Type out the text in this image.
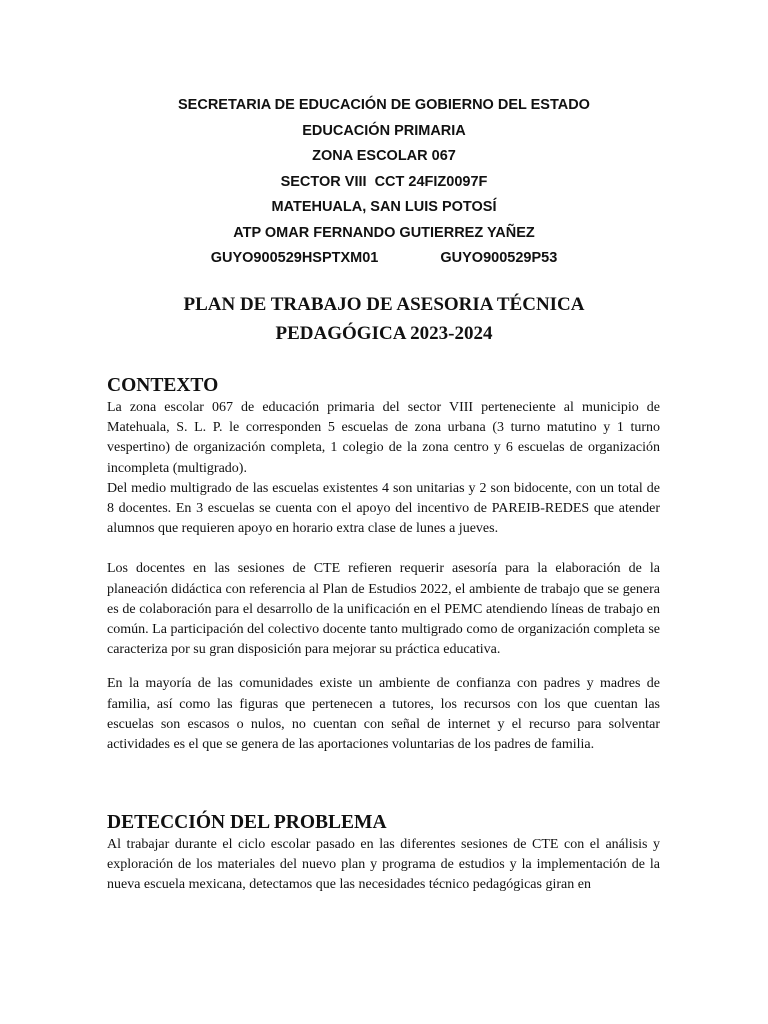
SECRETARIA DE EDUCACIÓN DE GOBIERNO DEL ESTADO
EDUCACIÓN PRIMARIA
ZONA ESCOLAR 067
SECTOR VIII  CCT 24FIZ0097F
MATEHUALA, SAN LUIS POTOSÍ
ATP OMAR FERNANDO GUTIERREZ YAÑEZ
GUYO900529HSPTXM01	GUYO900529P53
PLAN DE TRABAJO DE ASESORIA TÉCNICA
PEDAGÓGICA 2023-2024
CONTEXTO

La zona escolar 067 de educación primaria del sector VIII perteneciente al municipio de Matehuala, S. L. P. le corresponden 5 escuelas de zona urbana (3 turno matutino y 1 turno vespertino) de organización completa, 1 colegio de la zona centro y 6 escuelas de organización incompleta (multigrado).

Del medio multigrado de las escuelas existentes 4 son unitarias y 2 son bidocente, con un total de 8 docentes. En 3 escuelas se cuenta con el apoyo del incentivo de PAREIB-REDES que atender alumnos que requieren apoyo en horario extra clase de lunes a jueves.

Los docentes en las sesiones de CTE refieren requerir asesoría para la elaboración de la planeación didáctica con referencia al Plan de Estudios 2022, el ambiente de trabajo que se genera es de colaboración para el desarrollo de la unificación en el PEMC atendiendo líneas de trabajo en común. La participación del colectivo docente tanto multigrado como de organización completa se caracteriza por su gran disposición para mejorar su práctica educativa.

En la mayoría de las comunidades existe un ambiente de confianza con padres y madres de familia, así como las figuras que pertenecen a tutores, los recursos con los que cuentan las escuelas son escasos o nulos, no cuentan con señal de internet y el recurso para solventar actividades es el que se genera de las aportaciones voluntarias de los padres de familia.

DETECCIÓN DEL PROBLEMA

Al trabajar durante el ciclo escolar pasado en las diferentes sesiones de CTE con el análisis y exploración de los materiales del nuevo plan y programa de estudios y la implementación de la nueva escuela mexicana, detectamos que las necesidades técnico pedagógicas giran en
